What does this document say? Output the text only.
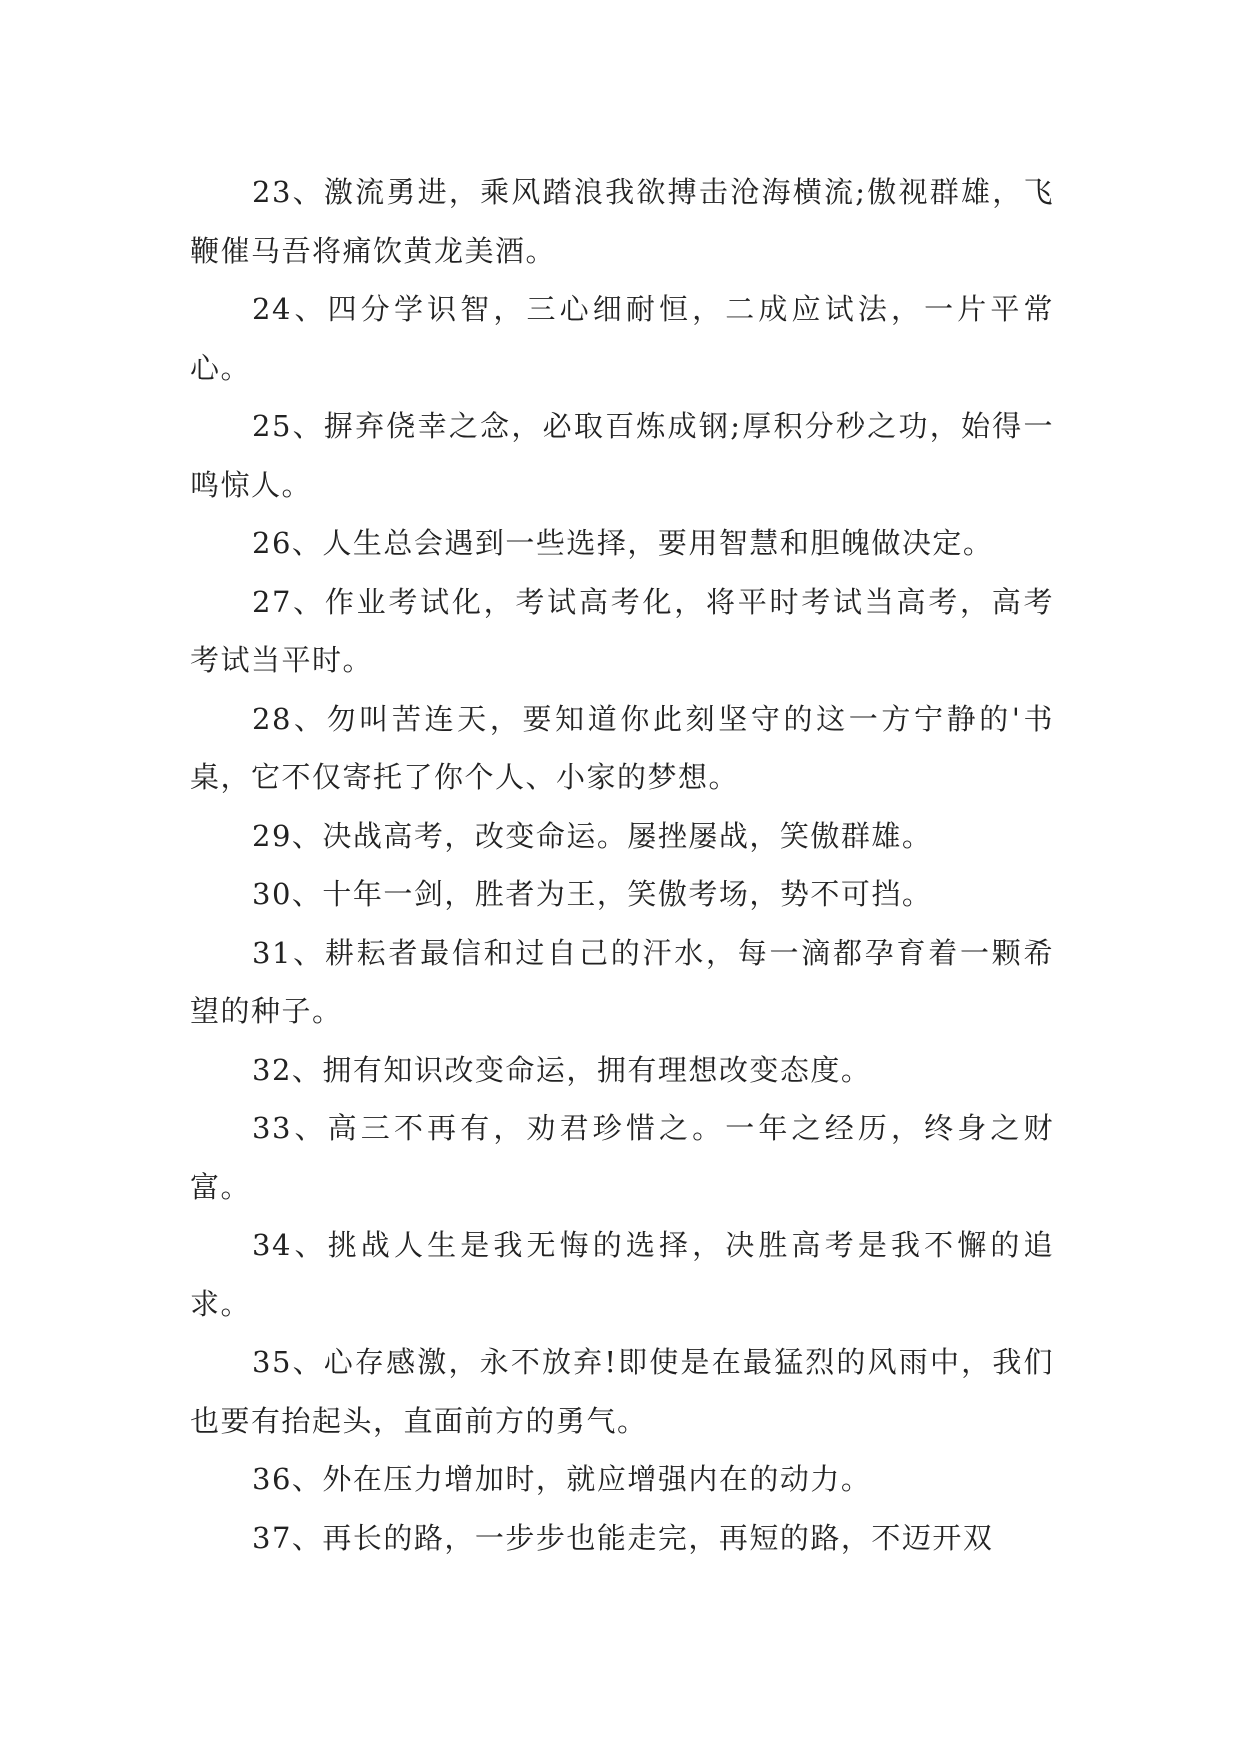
23、激流勇进，乘风踏浪我欲搏击沧海横流;傲视群雄，飞鞭催马吾将痛饮黄龙美酒。

24、四分学识智，三心细耐恒，二成应试法，一片平常心。

25、摒弃侥幸之念，必取百炼成钢;厚积分秒之功，始得一鸣惊人。

26、人生总会遇到一些选择，要用智慧和胆魄做决定。

27、作业考试化，考试高考化，将平时考试当高考，高考考试当平时。

28、勿叫苦连天，要知道你此刻坚守的这一方宁静的'书桌，它不仅寄托了你个人、小家的梦想。

29、决战高考，改变命运。屡挫屡战，笑傲群雄。

30、十年一剑，胜者为王，笑傲考场，势不可挡。

31、耕耘者最信和过自己的汗水，每一滴都孕育着一颗希望的种子。

32、拥有知识改变命运，拥有理想改变态度。

33、高三不再有，劝君珍惜之。一年之经历，终身之财富。

34、挑战人生是我无悔的选择，决胜高考是我不懈的追求。

35、心存感激，永不放弃!即使是在最猛烈的风雨中，我们也要有抬起头，直面前方的勇气。

36、外在压力增加时，就应增强内在的动力。

37、再长的路，一步步也能走完，再短的路，不迈开双
